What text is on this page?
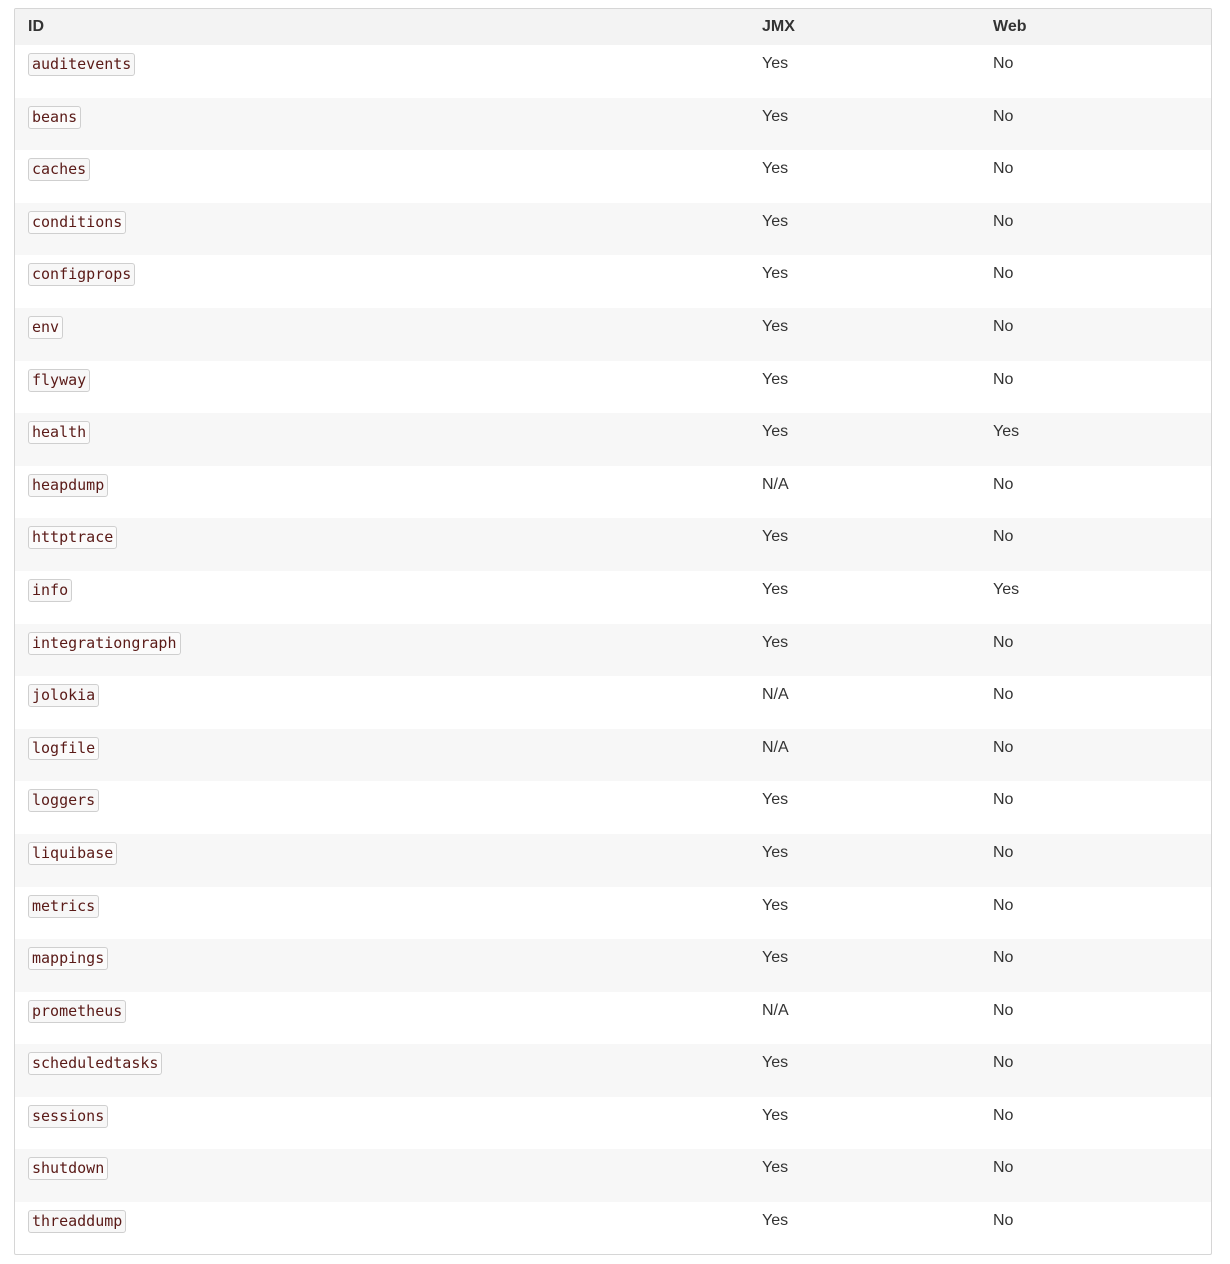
ID	JMX	Web
auditevents	Yes	No
beans	Yes	No
caches	Yes	No
conditions	Yes	No
configprops	Yes	No
env	Yes	No
flyway	Yes	No
health	Yes	Yes
heapdump	N/A	No
httptrace	Yes	No
info	Yes	Yes
integrationgraph	Yes	No
jolokia	N/A	No
logfile	N/A	No
loggers	Yes	No
liquibase	Yes	No
metrics	Yes	No
mappings	Yes	No
prometheus	N/A	No
scheduledtasks	Yes	No
sessions	Yes	No
shutdown	Yes	No
threaddump	Yes	No
